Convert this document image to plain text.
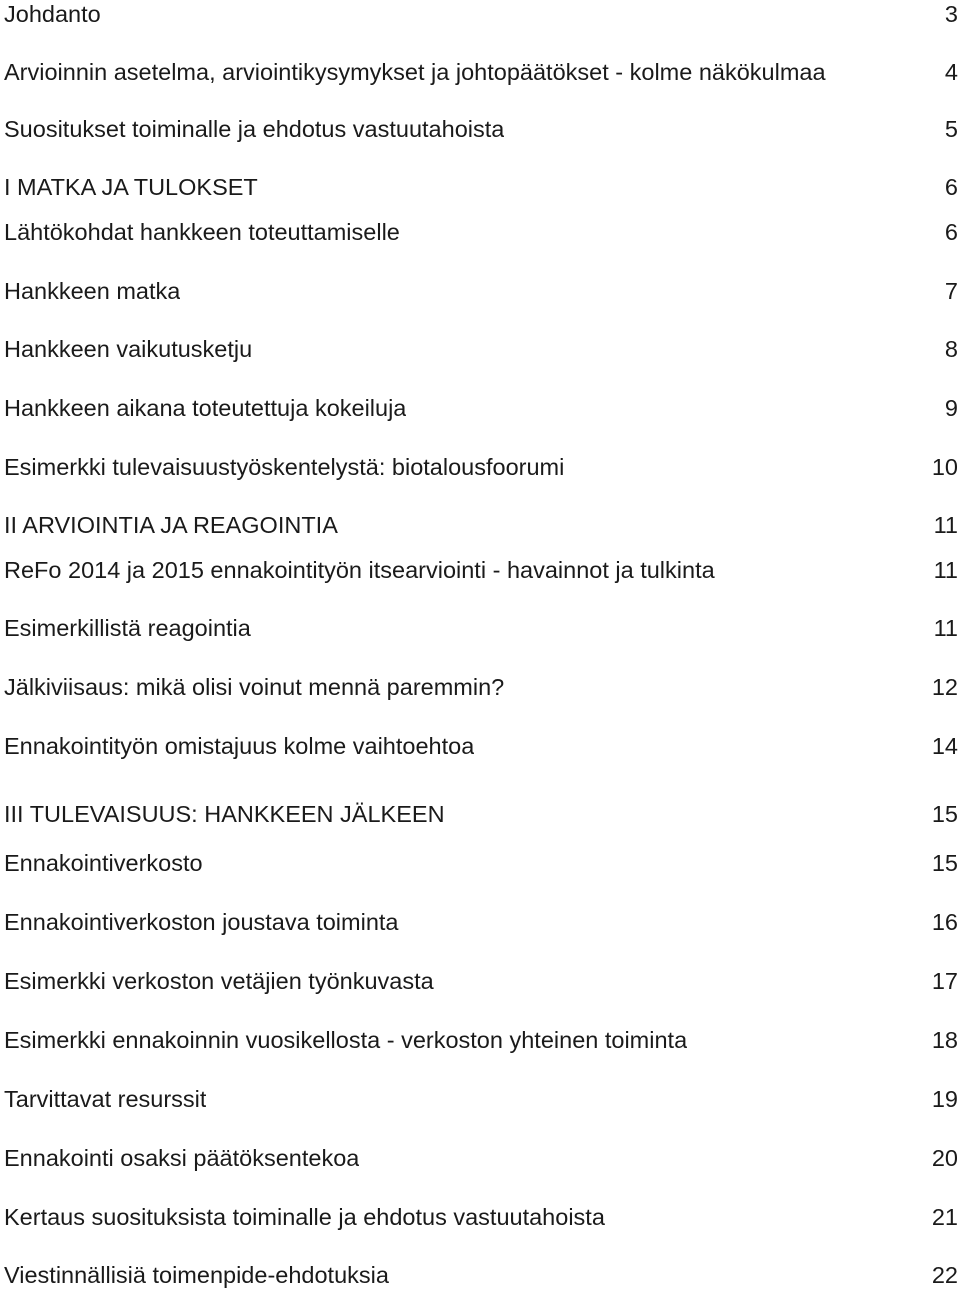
Johdanto	3
Arvioinnin asetelma, arviointikysymykset ja johtopäätökset - kolme näkökulmaa	4
Suositukset toiminalle ja ehdotus vastuutahoista	5
I MATKA JA TULOKSET	6
Lähtökohdat hankkeen toteuttamiselle	6
Hankkeen matka	7
Hankkeen vaikutusketju	8
Hankkeen aikana toteutettuja kokeiluja	9
Esimerkki tulevaisuustyöskentelystä: biotalousfoorumi	10
II ARVIOINTIA JA REAGOINTIA	11
ReFo 2014 ja 2015 ennakointityön itsearviointi - havainnot ja tulkinta	11
Esimerkillistä reagointia	11
Jälkiviisaus: mikä olisi voinut mennä paremmin?	12
Ennakointityön omistajuus kolme vaihtoehtoa	14
III TULEVAISUUS: HANKKEEN JÄLKEEN	15
Ennakointiverkosto	15
Ennakointiverkoston joustava toiminta	16
Esimerkki verkoston vetäjien työnkuvasta	17
Esimerkki ennakoinnin vuosikellosta - verkoston yhteinen toiminta	18
Tarvittavat resurssit	19
Ennakointi osaksi päätöksentekoa	20
Kertaus suosituksista toiminalle ja ehdotus vastuutahoista	21
Viestinnällisiä toimenpide-ehdotuksia	22
